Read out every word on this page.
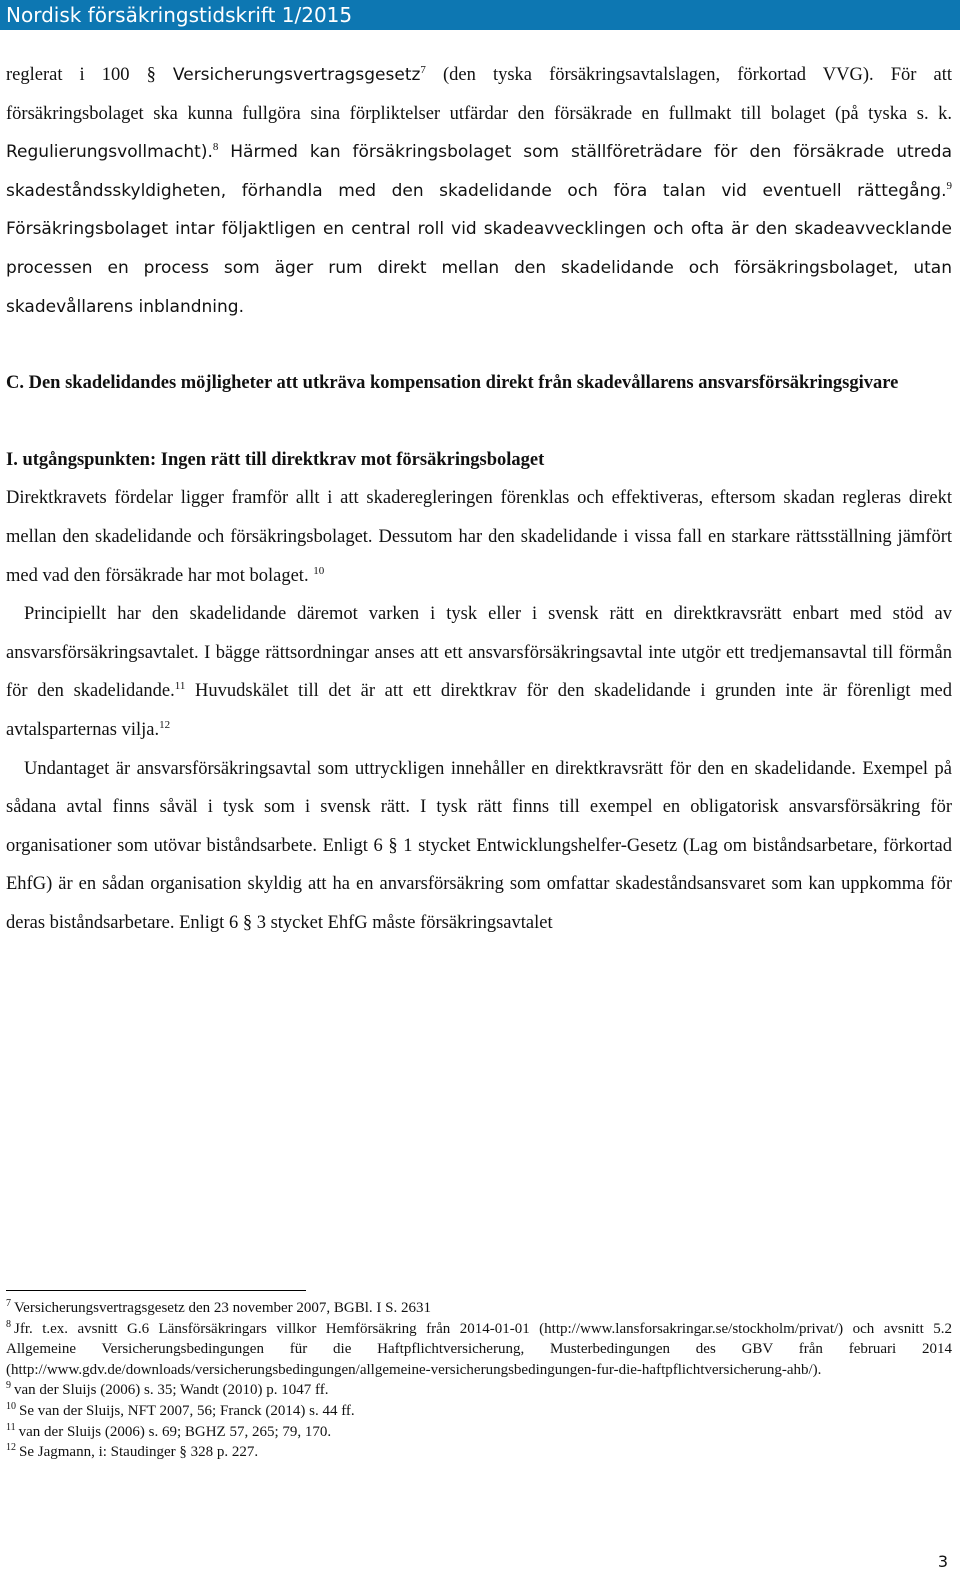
Nordisk försäkringstidskrift 1/2015

reglerat i 100 § Versicherungsvertragsgesetz$^7$ (den tyska försäkringsavtalslagen, förkortad VVG). För att försäkringsbolaget ska kunna fullgöra sina förpliktelser utfärdar den försäkrade en fullmakt till bolaget (på tyska s. k. Regulierungsvollmacht).$^8$ Härmed kan försäkringsbolaget som ställföreträdare för den försäkrade utreda skadeståndsskyldigheten, förhandla med den skadelidande och föra talan vid eventuell rättegång.$^9$ Försäkringsbolaget intar följaktligen en central roll vid skadeavvecklingen och ofta är den skadeavvecklande processen en process som äger rum direkt mellan den skadelidande och försäkringsbolaget, utan skadevållarens inblandning.

C. Den skadelidandes möjligheter att utkräva kompensation direkt från skadevållarens ansvarsförsäkringsgivare

I. utgångspunkten: Ingen rätt till direktkrav mot försäkringsbolaget

Direktkravets fördelar ligger framför allt i att skaderegleringen förenklas och effektiveras, eftersom skadan regleras direkt mellan den skadelidande och försäkringsbolaget. Dessutom har den skadelidande i vissa fall en starkare rättsställning jämfört med vad den försäkrade har mot bolaget. $^{10}$

Principiellt har den skadelidande däremot varken i tysk eller i svensk rätt en direktkravsrätt enbart med stöd av ansvarsförsäkringsavtalet. I bägge rättsordningar anses att ett ansvarsförsäkringsavtal inte utgör ett tredjemansavtal till förmån för den skadelidande.$^{11}$ Huvudskälet till det är att ett direktkrav för den skadelidande i grunden inte är förenligt med avtalsparternas vilja.$^{12}$

Undantaget är ansvarsförsäkringsavtal som uttryckligen innehåller en direktkravsrätt för den en skadelidande. Exempel på sådana avtal finns såväl i tysk som i svensk rätt. I tysk rätt finns till exempel en obligatorisk ansvarsförsäkring för organisationer som utövar biståndsarbete. Enligt 6 § 1 stycket Entwicklungshelfer-Gesetz (Lag om biståndsarbetare, förkortad EhfG) är en sådan organisation skyldig att ha en anvarsförsäkring som omfattar skadeståndsansvaret som kan uppkomma för deras biståndsarbetare. Enligt 6 § 3 stycket EhfG måste försäkringsavtalet

$^7$ Versicherungsvertragsgesetz den 23 november 2007, BGBl. I S. 2631
$^8$ Jfr. t.ex. avsnitt G.6 Länsförsäkringars villkor Hemförsäkring från 2014-01-01 (http://www.lansforsakringar.se/stockholm/privat/) och avsnitt 5.2 Allgemeine Versicherungsbedingungen für die Haftpflichtversicherung, Musterbedingungen des GBV från februari 2014 (http://www.gdv.de/downloads/versicherungsbedingungen/allgemeine-versicherungsbedingungen-fur-die-haftpflichtversicherung-ahb/).
$^9$ van der Sluijs (2006) s. 35; Wandt (2010) p. 1047 ff.
$^{10}$ Se van der Sluijs, NFT 2007, 56; Franck (2014) s. 44 ff.
$^{11}$ van der Sluijs (2006) s. 69; BGHZ 57, 265; 79, 170.
$^{12}$ Se Jagmann, i: Staudinger § 328 p. 227.
3
